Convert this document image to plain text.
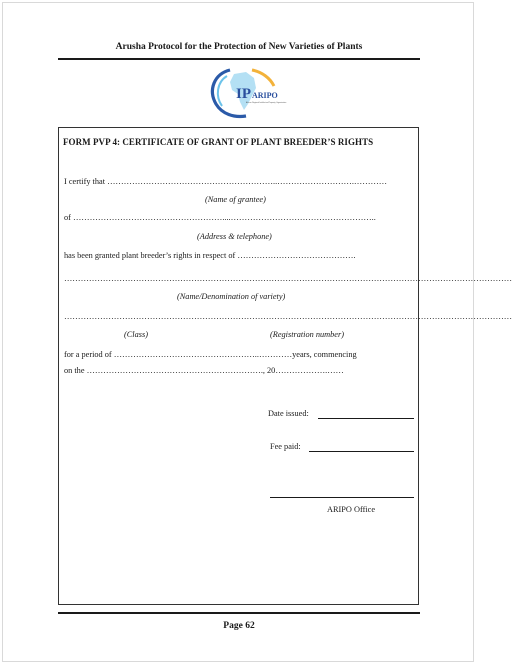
Arusha Protocol for the Protection of New Varieties of Plants
IP ARIPO
African Regional Intellectual Property Organization
FORM PVP 4: CERTIFICATE OF GRANT OF PLANT BREEDER’S RIGHTS
I certify that ……………………………………………………..……………………….…………
(Name of grantee)
of ………………………………………………....……………………………………………..
(Address & telephone)
has been granted plant breeder’s rights in respect of …………………………………….
………………………………………………………………………………………………………………………………………………
(Name/Denomination of variety)
………………………………………………………………………………………………………………………………………………
(Class)	(Registration number)
for a period of ……………………………………………..…………years, commencing
on the ………………………………………………………., 20……………….……
Date issued:
Fee paid:
ARIPO Office
Page 62
